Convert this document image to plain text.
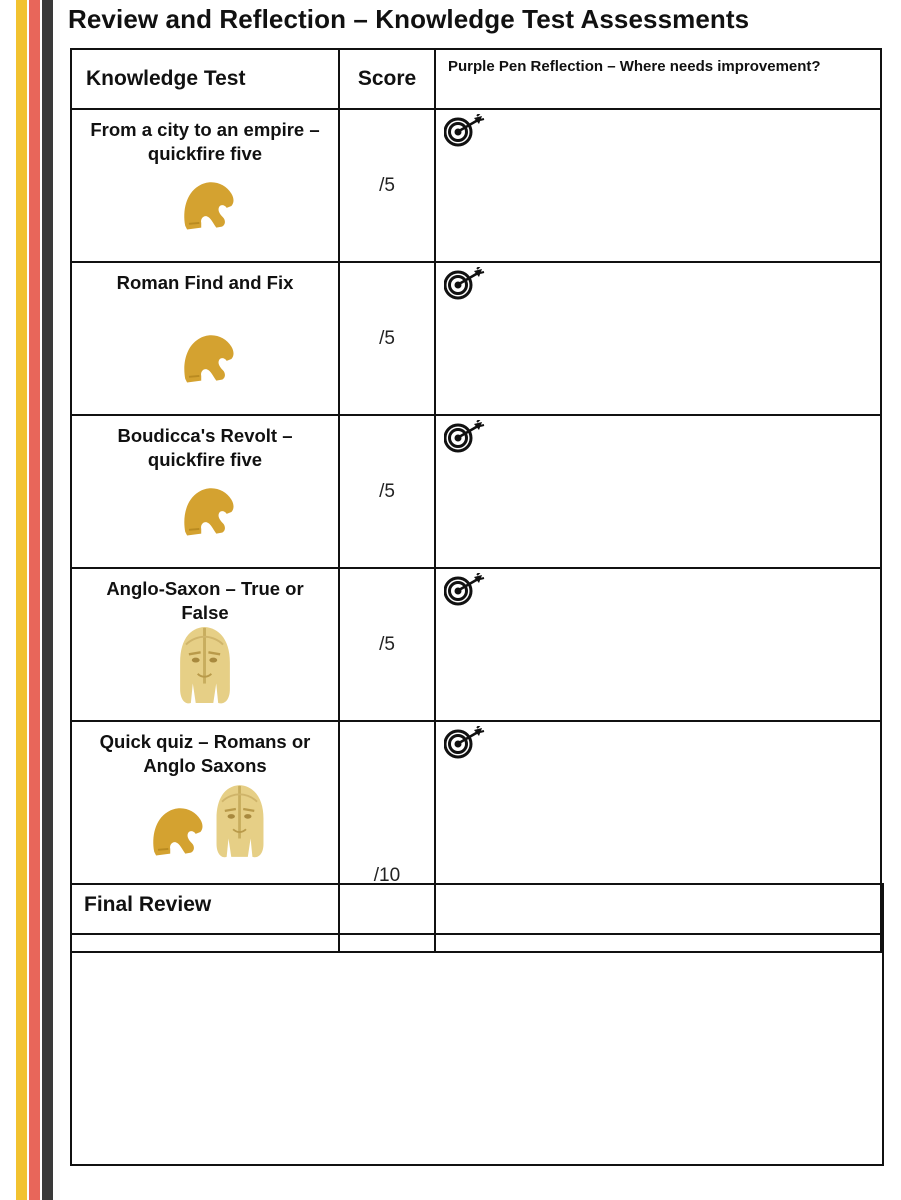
Review and Reflection – Knowledge Test Assessments
Knowledge Test	Score	Purple Pen Reflection – Where needs improvement?

From a city to an empire – quickfire five	/5	

Roman Find and Fix	/5	

Boudicca's Revolt – quickfire five	/5	

Anglo-Saxon – True or False	/5	

Quick quiz – Romans or Anglo Saxons	/10	
Final Review
